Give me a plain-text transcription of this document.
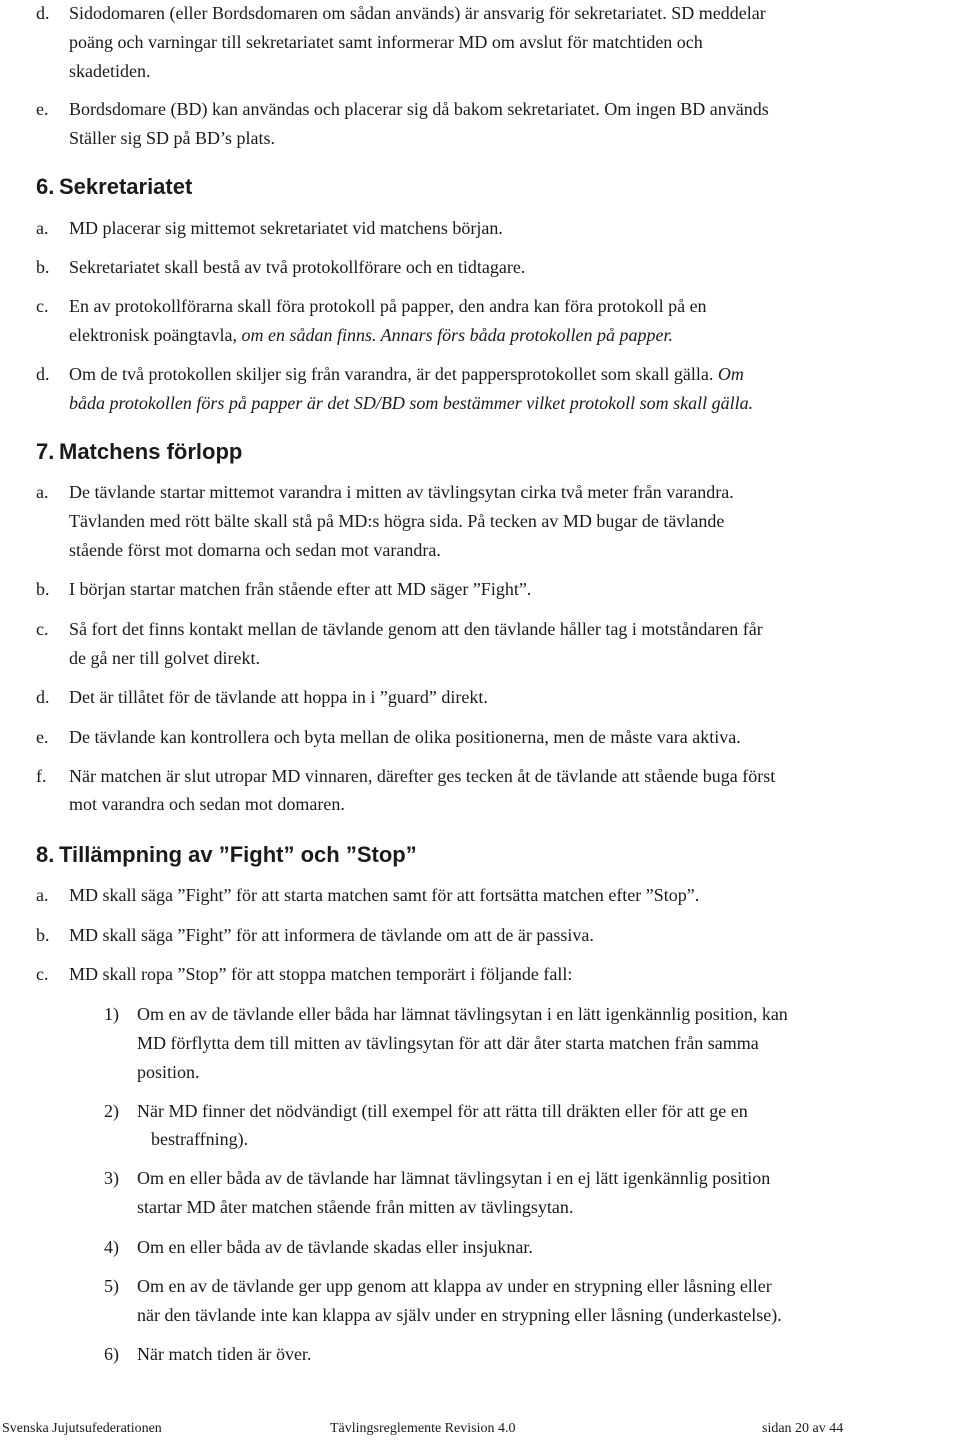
d. Sidodomaren (eller Bordsdomaren om sådan används) är ansvarig för sekretariatet. SD meddelar
poäng och varningar till sekretariatet samt informerar MD om avslut för matchtiden och
skadetiden.
e. Bordsdomare (BD) kan användas och placerar sig då bakom sekretariatet. Om ingen BD används
Ställer sig SD på BD’s plats.
6. Sekretariatet
a. MD placerar sig mittemot sekretariatet vid matchens början.
b. Sekretariatet skall bestå av två protokollförare och en tidtagare.
c. En av protokollförarna skall föra protokoll på papper, den andra kan föra protokoll på en
elektronisk poängtavla, om en sådan finns. Annars förs båda protokollen på papper.
d. Om de två protokollen skiljer sig från varandra, är det pappersprotokollet som skall gälla. Om
båda protokollen förs på papper är det SD/BD som bestämmer vilket protokoll som skall gälla.
7. Matchens förlopp
a. De tävlande startar mittemot varandra i mitten av tävlingsytan cirka två meter från varandra.
Tävlanden med rött bälte skall stå på MD:s högra sida. På tecken av MD bugar de tävlande
stående först mot domarna och sedan mot varandra.
b. I början startar matchen från stående efter att MD säger ”Fight”.
c. Så fort det finns kontakt mellan de tävlande genom att den tävlande håller tag i motståndaren får
de gå ner till golvet direkt.
d. Det är tillåtet för de tävlande att hoppa in i ”guard” direkt.
e. De tävlande kan kontrollera och byta mellan de olika positionerna, men de måste vara aktiva.
f. När matchen är slut utropar MD vinnaren, därefter ges tecken åt de tävlande att stående buga först
mot varandra och sedan mot domaren.
8. Tillämpning av ”Fight” och ”Stop”
a. MD skall säga ”Fight” för att starta matchen samt för att fortsätta matchen efter ”Stop”.
b. MD skall säga ”Fight” för att informera de tävlande om att de är passiva.
c. MD skall ropa ”Stop” för att stoppa matchen temporärt i följande fall:
1) Om en av de tävlande eller båda har lämnat tävlingsytan i en lätt igenkännlig position, kan
MD förflytta dem till mitten av tävlingsytan för att där åter starta matchen från samma
position.
2) När MD finner det nödvändigt (till exempel för att rätta till dräkten eller för att ge en
bestraffning).
3) Om en eller båda av de tävlande har lämnat tävlingsytan i en ej lätt igenkännlig position
startar MD åter matchen stående från mitten av tävlingsytan.
4) Om en eller båda av de tävlande skadas eller insjuknar.
5) Om en av de tävlande ger upp genom att klappa av under en strypning eller låsning eller
när den tävlande inte kan klappa av själv under en strypning eller låsning (underkastelse).
6) När match tiden är över.
Svenska Jujutsufederationen	Tävlingsreglemente Revision 4.0	sidan 20 av 44
